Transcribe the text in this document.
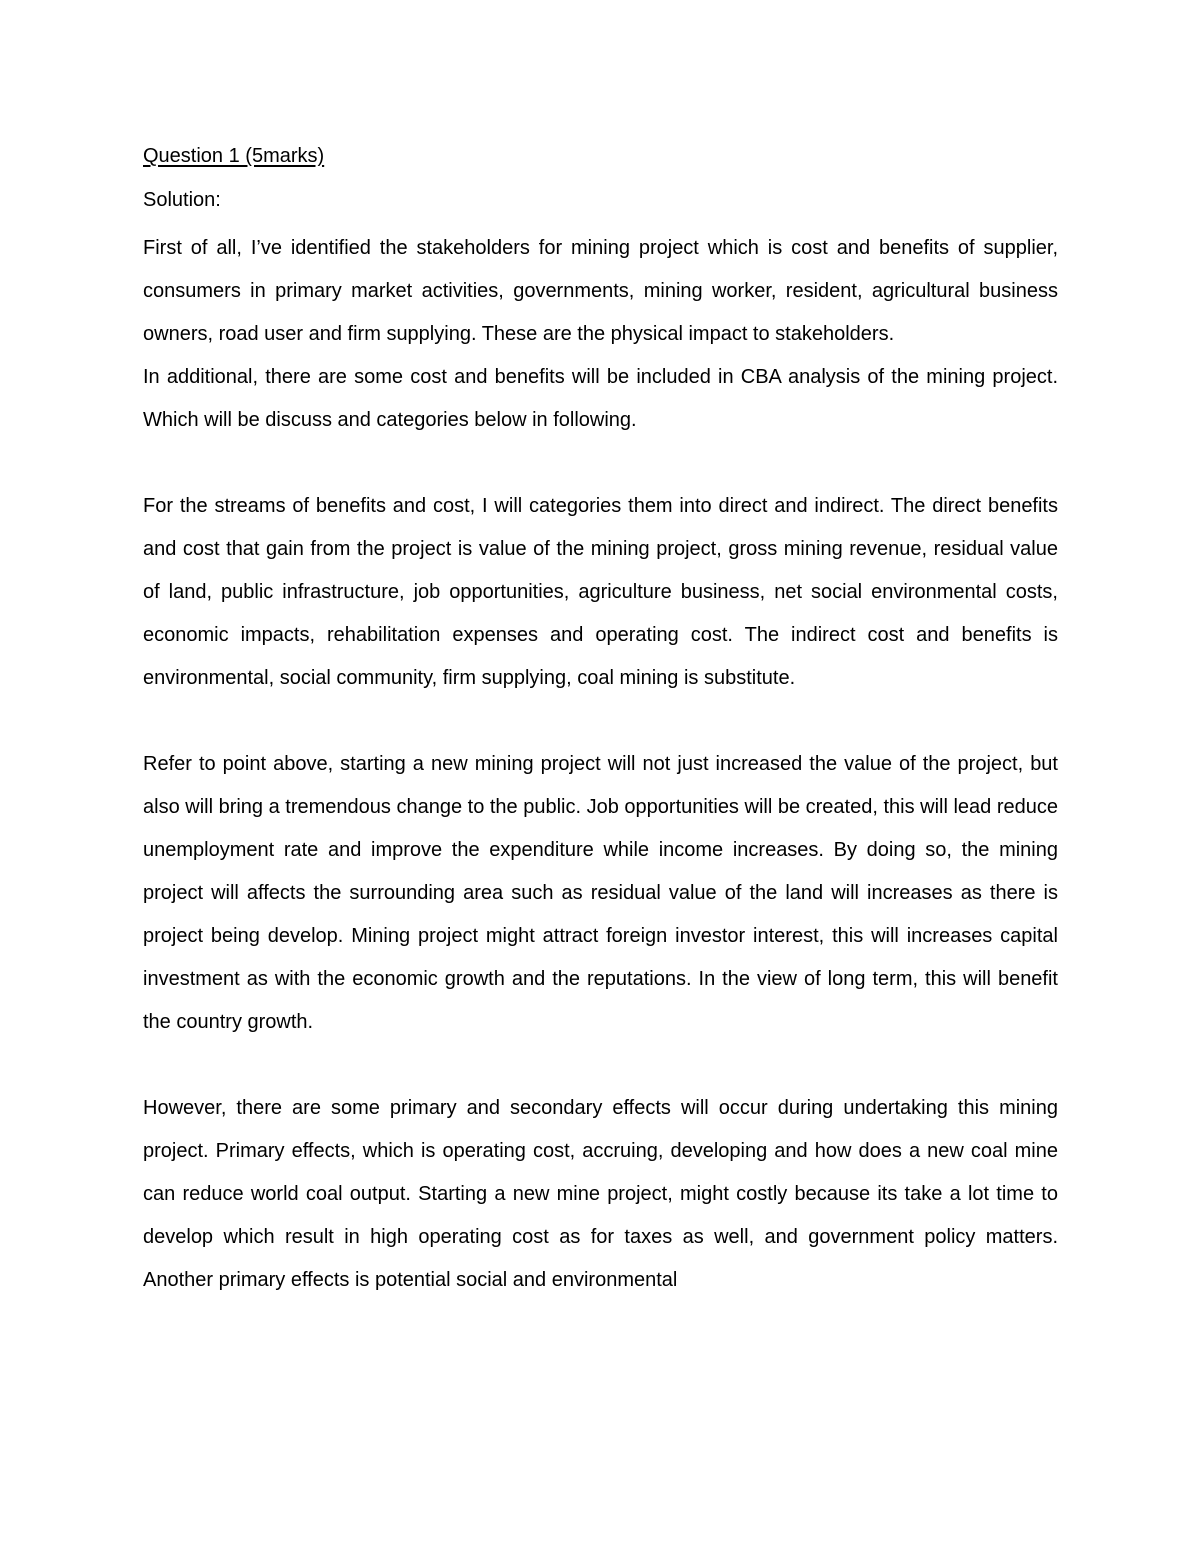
Question 1 (5marks)

Solution:

First of all, I’ve identified the stakeholders for mining project which is cost and benefits of supplier, consumers in primary market activities, governments, mining worker, resident, agricultural business owners, road user and firm supplying. These are the physical impact to stakeholders.

In additional, there are some cost and benefits will be included in CBA analysis of the mining project. Which will be discuss and categories below in following.

For the streams of benefits and cost, I will categories them into direct and indirect. The direct benefits and cost that gain from the project is value of the mining project, gross mining revenue, residual value of land, public infrastructure, job opportunities, agriculture business, net social environmental costs, economic impacts, rehabilitation expenses and operating cost. The indirect cost and benefits is environmental, social community, firm supplying, coal mining is substitute.

Refer to point above, starting a new mining project will not just increased the value of the project, but also will bring a tremendous change to the public. Job opportunities will be created, this will lead reduce unemployment rate and improve the expenditure while income increases. By doing so, the mining project will affects the surrounding area such as residual value of the land will increases as there is project being develop. Mining project might attract foreign investor interest, this will increases capital investment as with the economic growth and the reputations. In the view of long term, this will benefit the country growth.

However, there are some primary and secondary effects will occur during undertaking this mining project. Primary effects, which is operating cost, accruing, developing and how does a new coal mine can reduce world coal output. Starting a new mine project, might costly because its take a lot time to develop which result in high operating cost as for taxes as well, and government policy matters. Another primary effects is potential social and environmental
